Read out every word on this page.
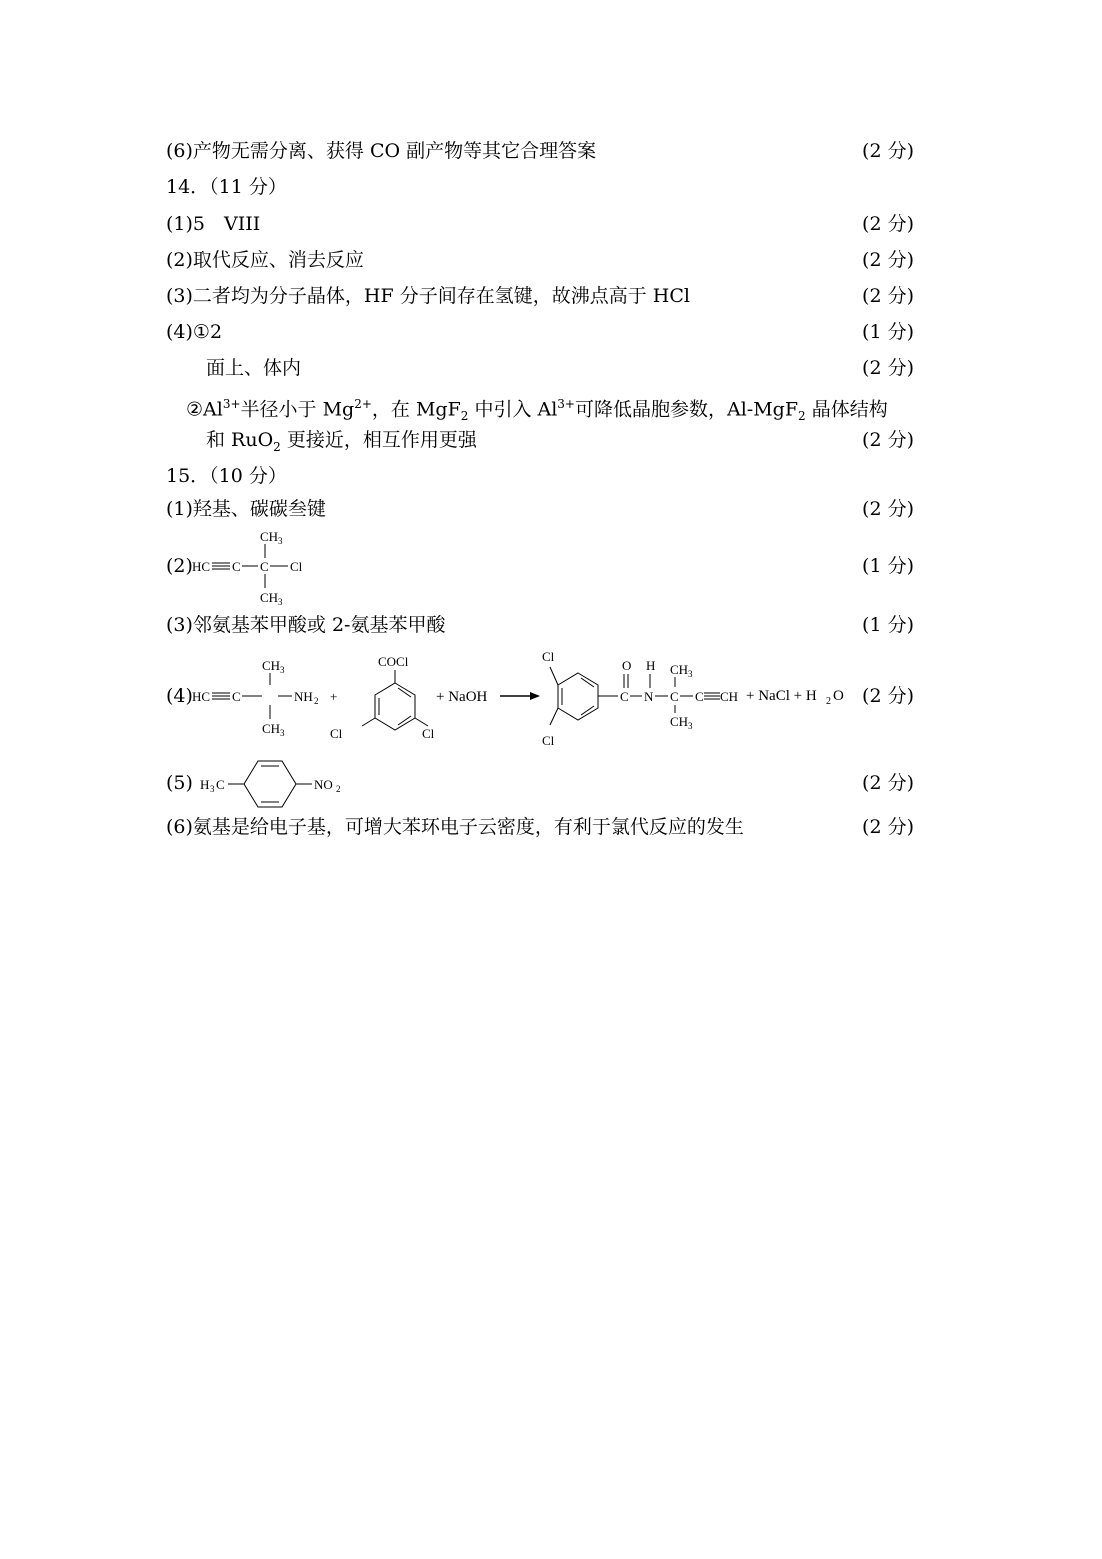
(6)产物无需分离、获得 CO 副产物等其它合理答案	(2 分)
14．（11 分）
(1)5　VIII	(2 分)
(2)取代反应、消去反应	(2 分)
(3)二者均为分子晶体，HF 分子间存在氢键，故沸点高于 HCl	(2 分)
(4)①2	(1 分)
面上、体内	(2 分)
$②Al^{3+}$半径小于 $Mg^{2+}$，在 MgF$_2$ 中引入 $Al^{3+}$可降低晶胞参数，Al-MgF$_2$ 晶体结构
和 RuO$_2$ 更接近，相互作用更强	(2 分)
15．（10 分）
(1)羟基、碳碳叁键	(2 分)
(2)	(1 分)
HC C C Cl
CH 3
CH 3
(3)邻氨基苯甲酸或 2-氨基苯甲酸	(1 分)
(4)	(2 分)
HC C
CH 3
CH 3
NH 2 +
COCl
Cl	Cl
+ NaOH
Cl
Cl
C
O
N
H
C
CH 3
CH 3
C CH + NaCl + H 2 O
(5)	(2 分)
H 3 C	NO 2
(6)氨基是给电子基，可增大苯环电子云密度，有利于氯代反应的发生	(2 分)
